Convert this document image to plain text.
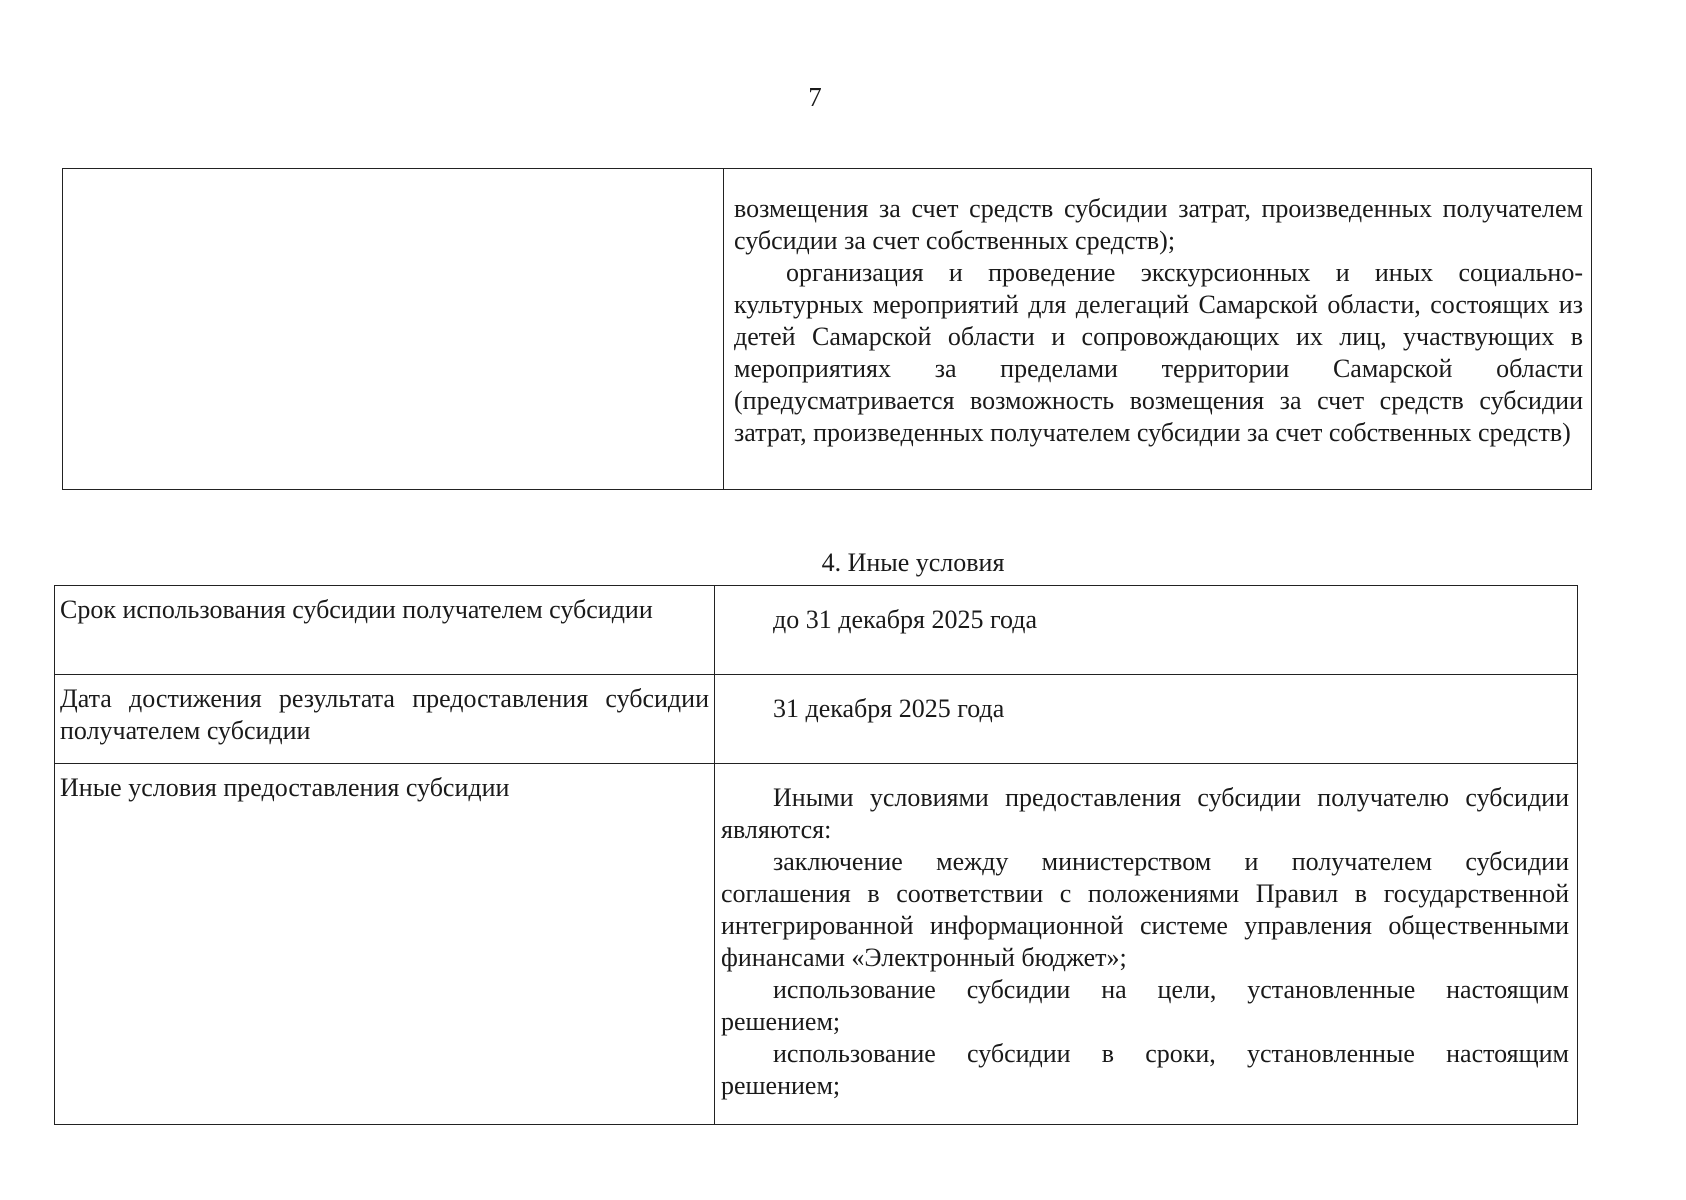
7

возмещения за счет средств субсидии затрат, произведенных получателем субсидии за счет собственных средств);

организация и проведение экскурсионных и иных социально-культурных мероприятий для делегаций Самарской области, состоящих из детей Самарской области и сопровождающих их лиц, участвующих в мероприятиях за пределами территории Самарской области (предусматривается возможность возмещения за счет средств субсидии затрат, произведенных получателем субсидии за счет собственных средств)

4. Иные условия

Срок использования субсидии получателем субсидии	до 31 декабря 2025 года

Дата достижения результата предоставления субсидии получателем субсидии	31 декабря 2025 года

Иные условия предоставления субсидии	Иными условиями предоставления субсидии получателю субсидии являются:

заключение между министерством и получателем субсидии соглашения в соответствии с положениями Правил в государственной интегрированной информационной системе управления общественными финансами «Электронный бюджет»;

использование субсидии на цели, установленные настоящим решением;

использование субсидии в сроки, установленные настоящим решением;
